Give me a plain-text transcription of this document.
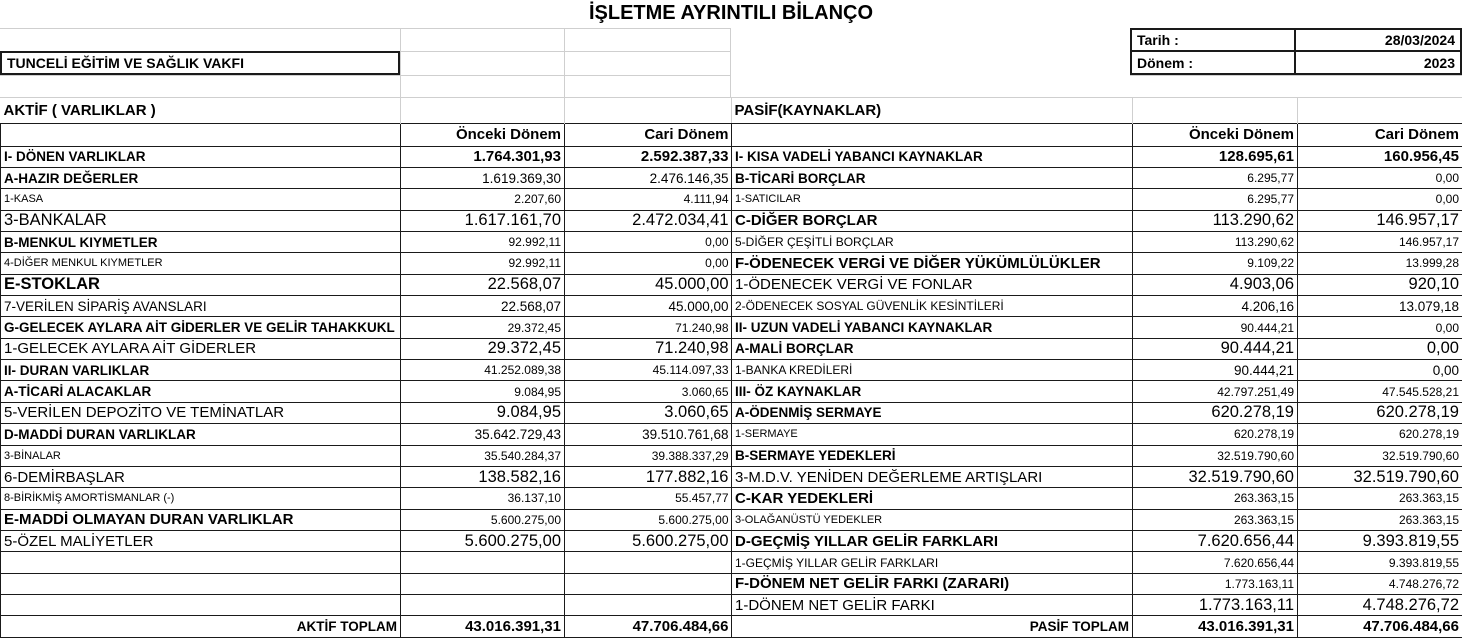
İŞLETME AYRINTILI BİLANÇO
TUNCELİ EĞİTİM VE SAĞLIK VAKFI
Tarih :	28/03/2024
Dönem :	2023
AKTİF ( VARLIKLAR )		
	Önceki Dönem	Cari Dönem
I- DÖNEN VARLIKLAR	1.764.301,93	2.592.387,33
A-HAZIR DEĞERLER	1.619.369,30	2.476.146,35
1-KASA	2.207,60	4.111,94
3-BANKALAR	1.617.161,70	2.472.034,41
B-MENKUL KIYMETLER	92.992,11	0,00
4-DİĞER MENKUL KIYMETLER	92.992,11	0,00
E-STOKLAR	22.568,07	45.000,00
7-VERİLEN SİPARİŞ AVANSLARI	22.568,07	45.000,00
G-GELECEK AYLARA AİT GİDERLER VE GELİR TAHAKKUKL	29.372,45	71.240,98
1-GELECEK AYLARA AİT GİDERLER	29.372,45	71.240,98
II- DURAN VARLIKLAR	41.252.089,38	45.114.097,33
A-TİCARİ ALACAKLAR	9.084,95	3.060,65
5-VERİLEN DEPOZİTO VE TEMİNATLAR	9.084,95	3.060,65
D-MADDİ DURAN VARLIKLAR	35.642.729,43	39.510.761,68
3-BİNALAR	35.540.284,37	39.388.337,29
6-DEMİRBAŞLAR	138.582,16	177.882,16
8-BİRİKMİŞ AMORTİSMANLAR (-)	36.137,10	55.457,77
E-MADDİ OLMAYAN DURAN VARLIKLAR	5.600.275,00	5.600.275,00
5-ÖZEL MALİYETLER	5.600.275,00	5.600.275,00

AKTİF TOPLAM	43.016.391,31	47.706.484,66
PASİF(KAYNAKLAR)		
	Önceki Dönem	Cari Dönem
I- KISA VADELİ YABANCI KAYNAKLAR	128.695,61	160.956,45
B-TİCARİ BORÇLAR	6.295,77	0,00
1-SATICILAR	6.295,77	0,00
C-DİĞER BORÇLAR	113.290,62	146.957,17
5-DİĞER ÇEŞİTLİ BORÇLAR	113.290,62	146.957,17
F-ÖDENECEK VERGİ VE DİĞER YÜKÜMLÜLÜKLER	9.109,22	13.999,28
1-ÖDENECEK VERGİ VE FONLAR	4.903,06	920,10
2-ÖDENECEK SOSYAL GÜVENLİK KESİNTİLERİ	4.206,16	13.079,18
II- UZUN VADELİ YABANCI KAYNAKLAR	90.444,21	0,00
A-MALİ BORÇLAR	90.444,21	0,00
1-BANKA KREDİLERİ	90.444,21	0,00
III- ÖZ KAYNAKLAR	42.797.251,49	47.545.528,21
A-ÖDENMİŞ SERMAYE	620.278,19	620.278,19
1-SERMAYE	620.278,19	620.278,19
B-SERMAYE YEDEKLERİ	32.519.790,60	32.519.790,60
3-M.D.V. YENİDEN DEĞERLEME ARTIŞLARI	32.519.790,60	32.519.790,60
C-KAR YEDEKLERİ	263.363,15	263.363,15
3-OLAĞANÜSTÜ YEDEKLER	263.363,15	263.363,15
D-GEÇMİŞ YILLAR GELİR FARKLARI	7.620.656,44	9.393.819,55
1-GEÇMİŞ YILLAR GELİR FARKLARI	7.620.656,44	9.393.819,55
F-DÖNEM NET GELİR FARKI (ZARARI)	1.773.163,11	4.748.276,72
1-DÖNEM NET GELİR FARKI	1.773.163,11	4.748.276,72
PASİF TOPLAM	43.016.391,31	47.706.484,66
